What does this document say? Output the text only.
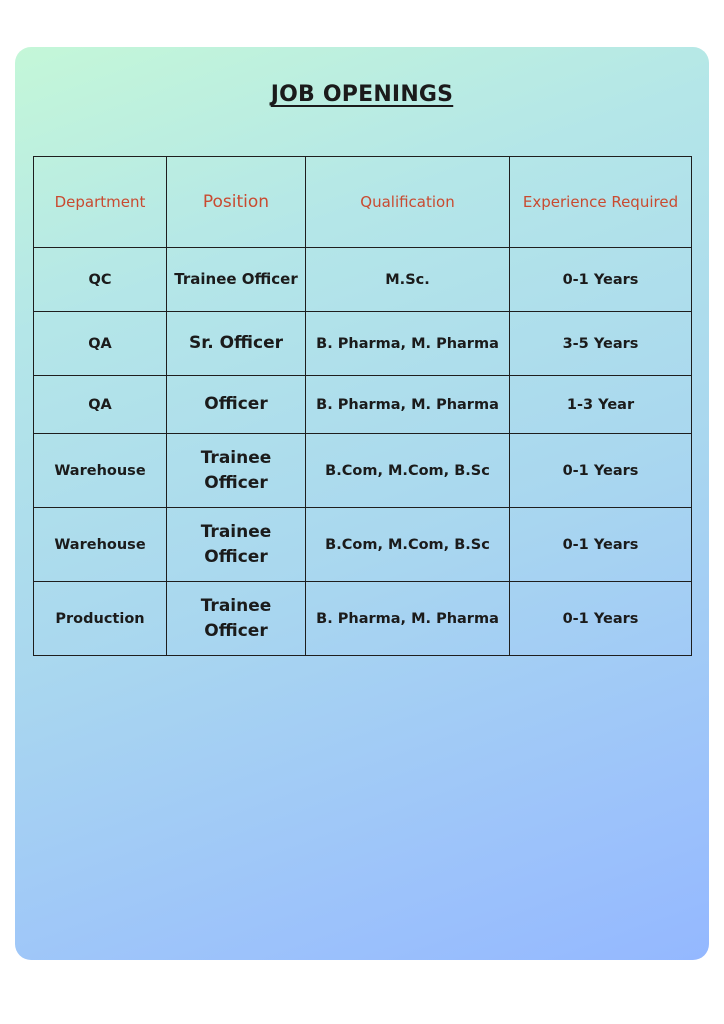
JOB OPENINGS
Department	Position	Qualification	Experience Required
QC	Trainee Officer	M.Sc.	0-1 Years
QA	Sr. Officer	B. Pharma, M. Pharma	3-5 Years
QA	Officer	B. Pharma, M. Pharma	1-3 Year
Warehouse	Trainee Officer	B.Com, M.Com, B.Sc	0-1 Years
Warehouse	Trainee Officer	B.Com, M.Com, B.Sc	0-1 Years
Production	Trainee Officer	B. Pharma, M. Pharma	0-1 Years
